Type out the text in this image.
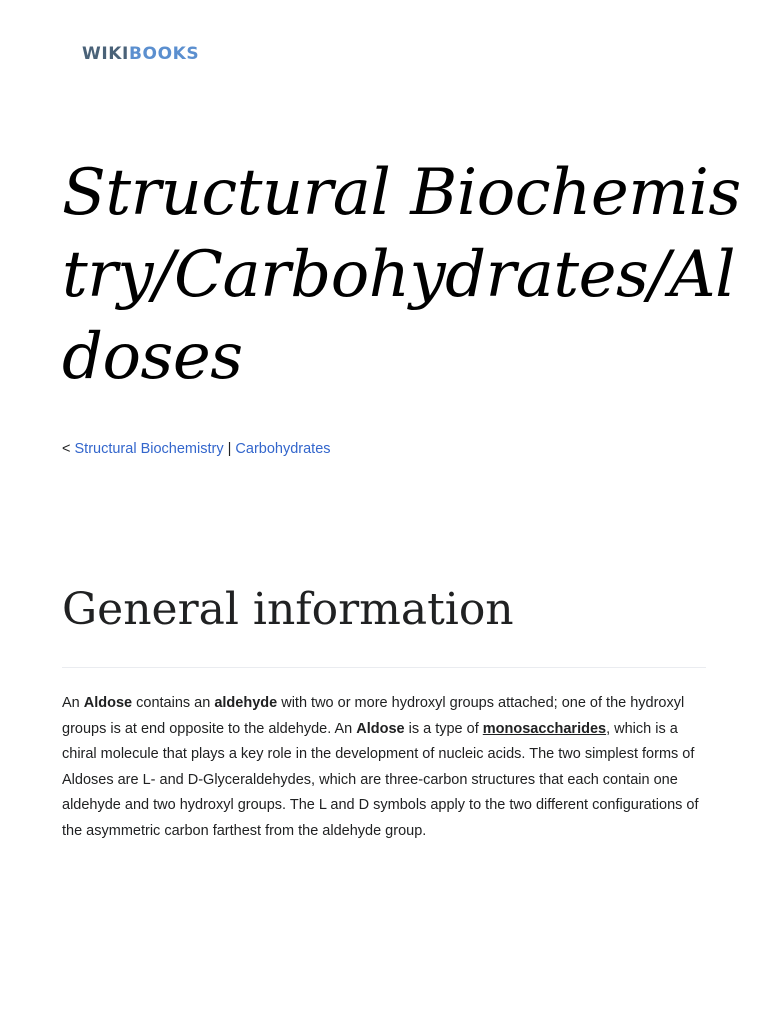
WIKIBOOKS
Structural Biochemistry/Carbohydrates/Aldoses
< Structural Biochemistry | Carbohydrates
General information

An Aldose contains an aldehyde with two or more hydroxyl groups attached; one of the hydroxyl groups is at end opposite to the aldehyde. An Aldose is a type of monosaccharides, which is a chiral molecule that plays a key role in the development of nucleic acids. The two simplest forms of Aldoses are L- and D-Glyceraldehydes, which are three-carbon structures that each contain one aldehyde and two hydroxyl groups. The L and D symbols apply to the two different configurations of the asymmetric carbon farthest from the aldehyde group.
